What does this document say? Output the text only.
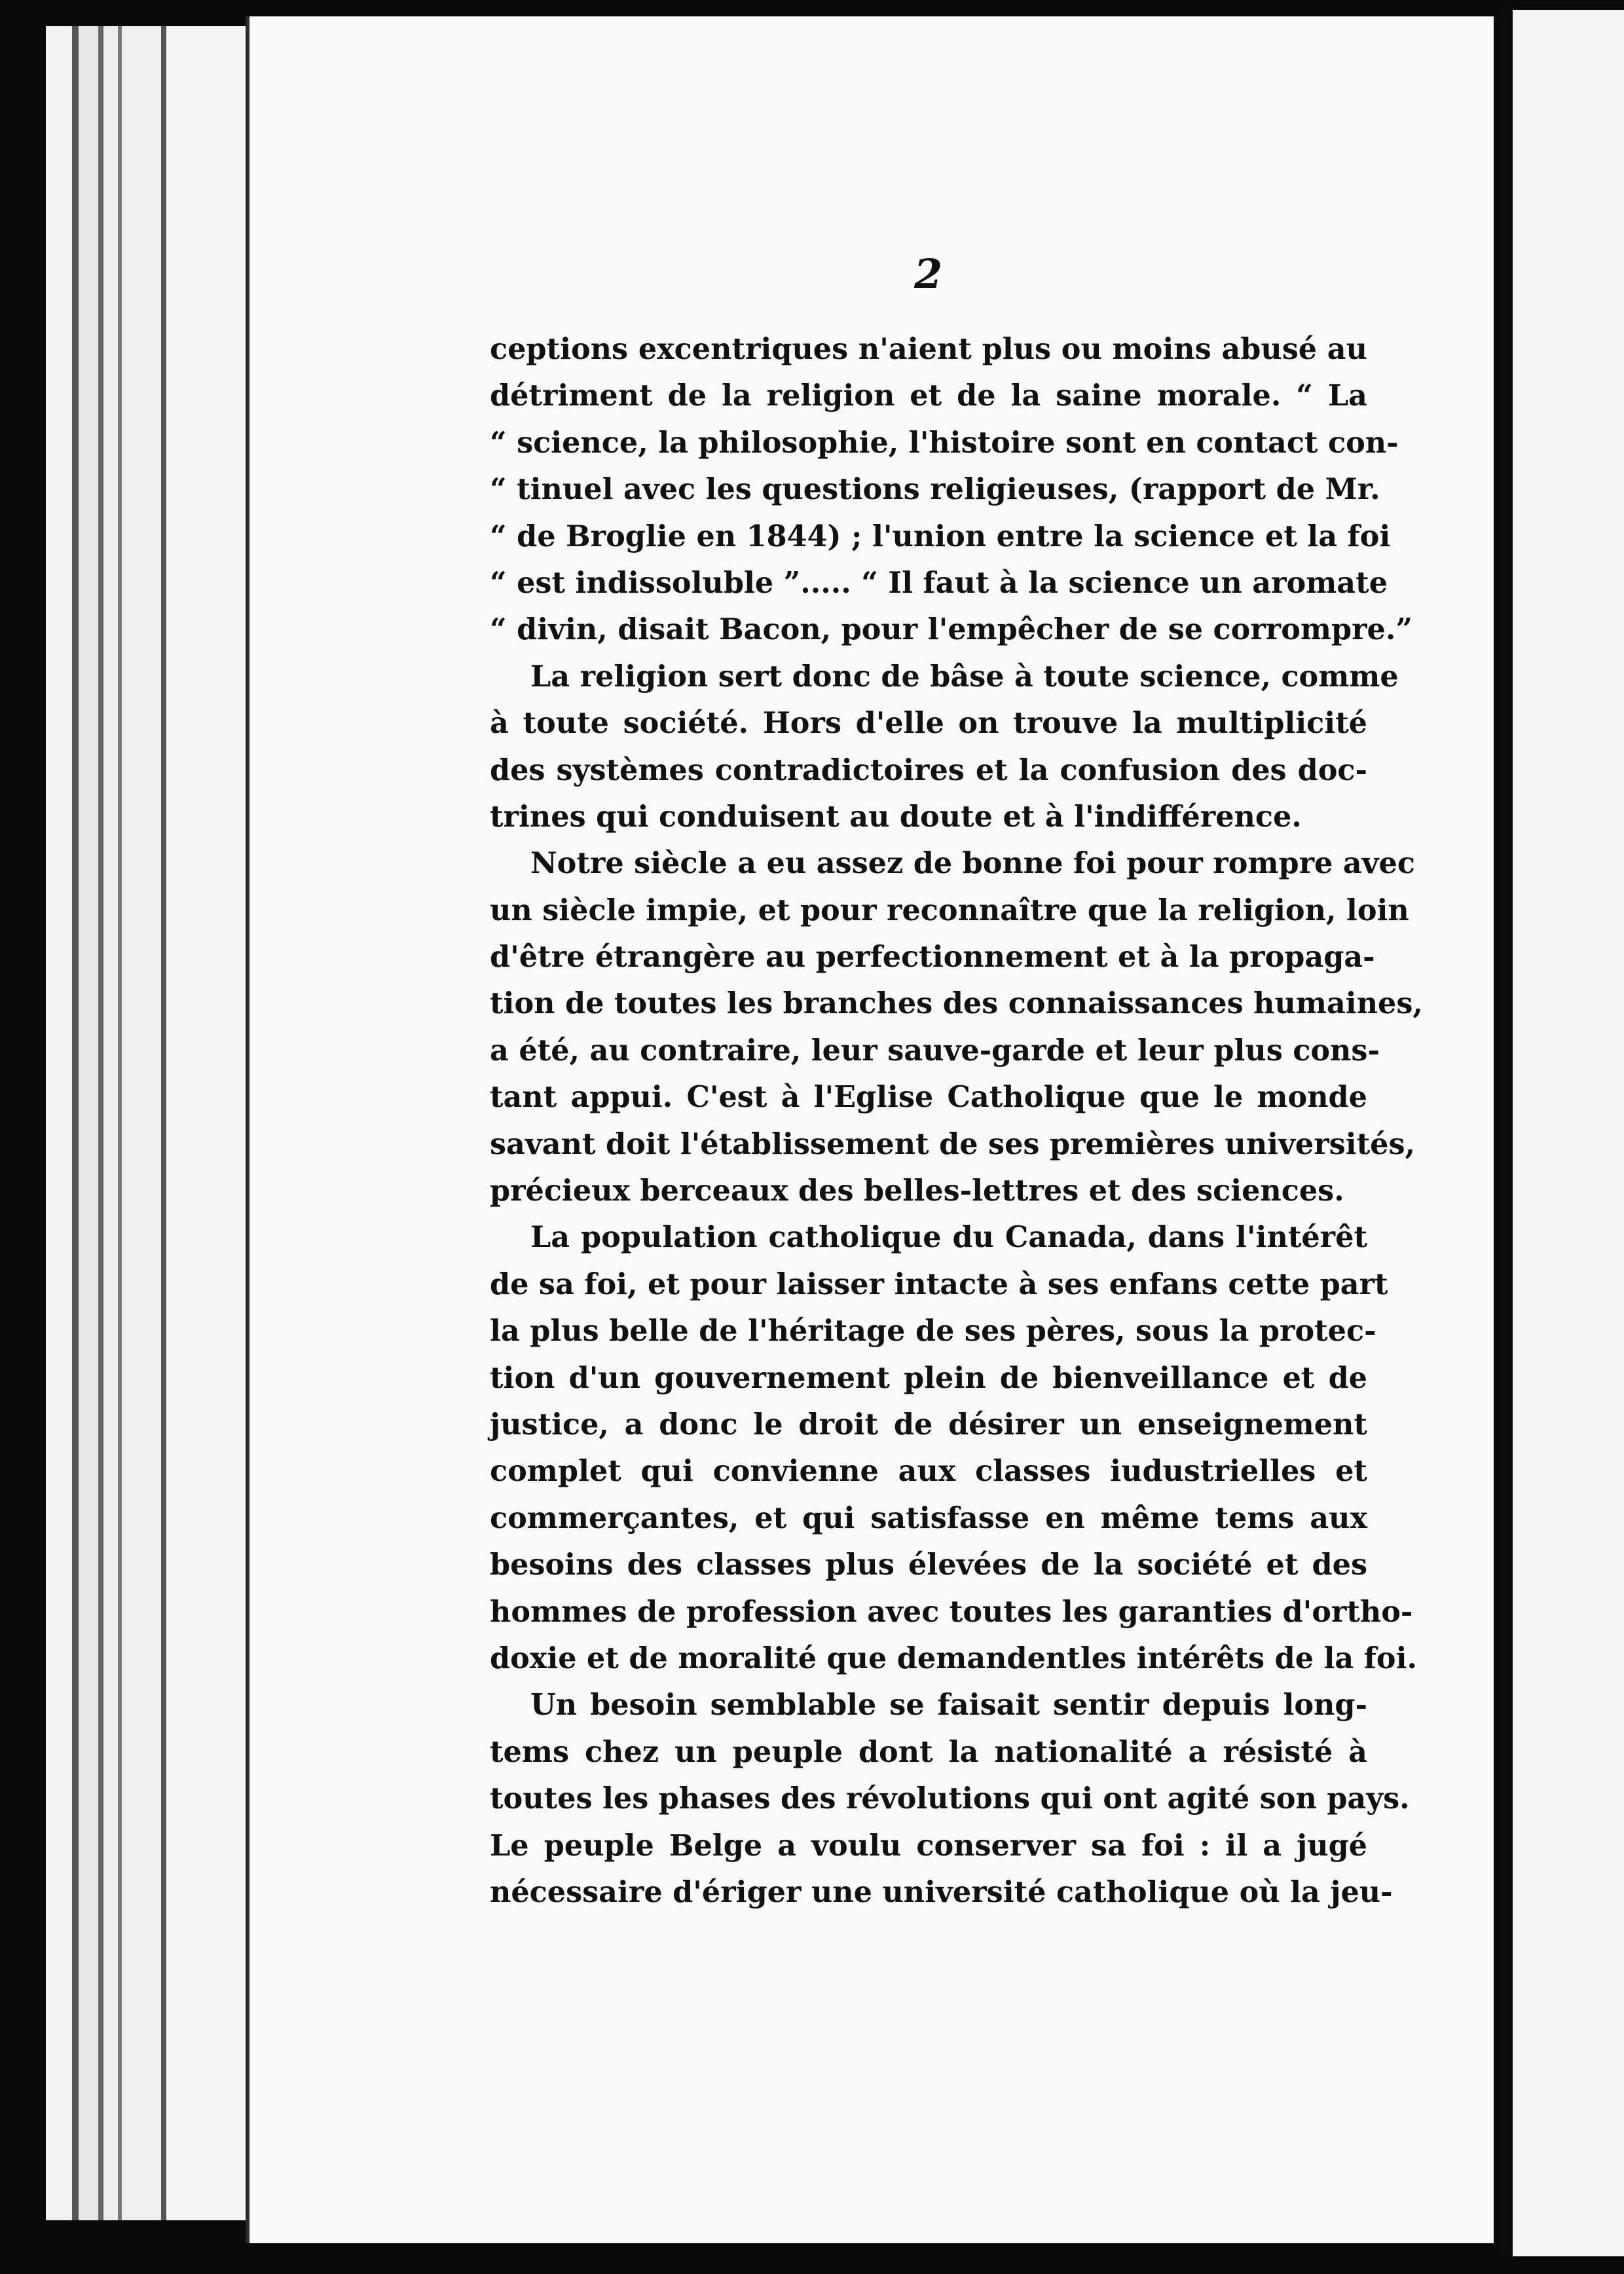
2
ceptions excentriques n'aient plus ou moins abusé au
détriment de la religion et de la saine morale. “ La
“ science, la philosophie, l'histoire sont en contact con-
“ tinuel avec les questions religieuses, (rapport de Mr.
“ de Broglie en 1844) ; l'union entre la science et la foi
“ est indissoluble ”..... “ Il faut à la science un aromate
“ divin, disait Bacon, pour l'empêcher de se corrompre.”
La religion sert donc de bâse à toute science, comme
à toute société. Hors d'elle on trouve la multiplicité
des systèmes contradictoires et la confusion des doc-
trines qui conduisent au doute et à l'indifférence.
Notre siècle a eu assez de bonne foi pour rompre avec
un siècle impie, et pour reconnaître que la religion, loin
d'être étrangère au perfectionnement et à la propaga-
tion de toutes les branches des connaissances humaines,
a été, au contraire, leur sauve-garde et leur plus cons-
tant appui. C'est à l'Eglise Catholique que le monde
savant doit l'établissement de ses premières universités,
précieux berceaux des belles-lettres et des sciences.
La population catholique du Canada, dans l'intérêt
de sa foi, et pour laisser intacte à ses enfans cette part
la plus belle de l'héritage de ses pères, sous la protec-
tion d'un gouvernement plein de bienveillance et de
justice, a donc le droit de désirer un enseignement
complet qui convienne aux classes iudustrielles et
commerçantes, et qui satisfasse en même tems aux
besoins des classes plus élevées de la société et des
hommes de profession avec toutes les garanties d'ortho-
doxie et de moralité que demandentles intérêts de la foi.
Un besoin semblable se faisait sentir depuis long-
tems chez un peuple dont la nationalité a résisté à
toutes les phases des révolutions qui ont agité son pays.
Le peuple Belge a voulu conserver sa foi : il a jugé
nécessaire d'ériger une université catholique où la jeu-
